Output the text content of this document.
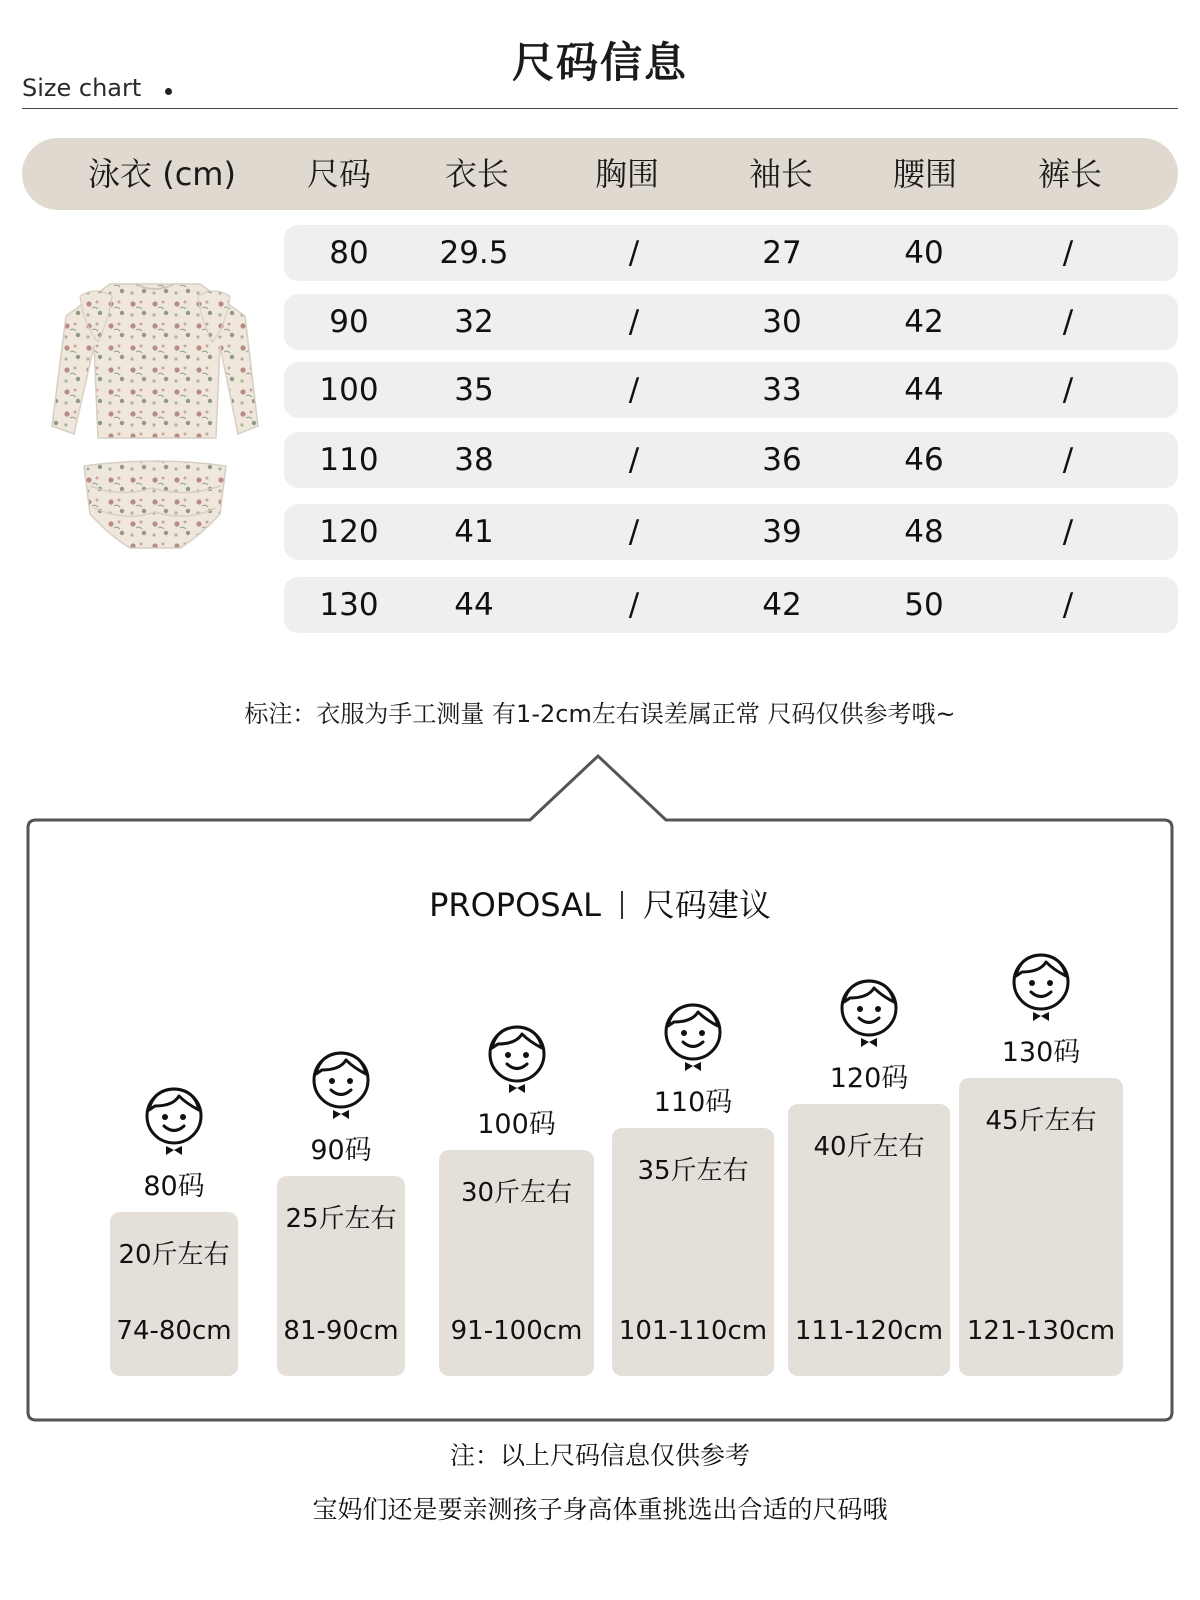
尺码信息
Size chart
泳衣 (cm)	尺码	衣长	胸围	袖长	腰围	裤长
80	29.5	/	27	40	/
90	32	/	30	42	/
100	35	/	33	44	/
110	38	/	36	46	/
120	41	/	39	48	/
130	44	/	42	50	/
标注：衣服为手工测量 有1-2cm左右误差属正常 尺码仅供参考哦~
PROPOSAL 尺码建议
80码
20斤左右
74-80cm
90码
25斤左右
81-90cm
100码
30斤左右
91-100cm
110码
35斤左右
101-110cm
120码
40斤左右
111-120cm
130码
45斤左右
121-130cm
注：以上尺码信息仅供参考
宝妈们还是要亲测孩子身高体重挑选出合适的尺码哦
